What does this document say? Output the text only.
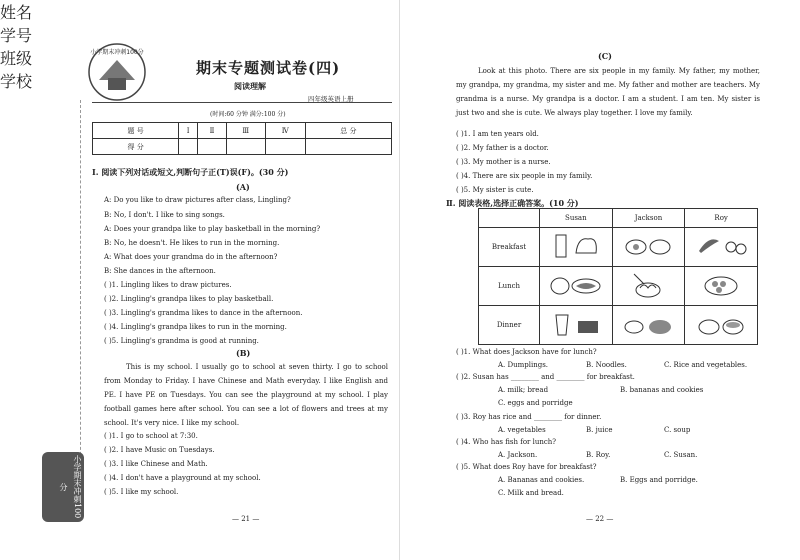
姓名
学号
班级
学校
小学期末冲刺100分
小学期末冲刺100分
期末专题测试卷(四)
阅读理解
四年级英语上册
(时间:60 分钟 满分:100 分)
题 号	Ⅰ	Ⅱ	Ⅲ	Ⅳ	总 分
得 分					
Ⅰ. 阅读下列对话或短文,判断句子正(T)误(F)。(30 分)
(A)
A: Do you like to draw pictures after class, Lingling?
B: No, I don't. I like to sing songs.
A: Does your grandpa like to play basketball in the morning?
B: No, he doesn't. He likes to run in the morning.
A: What does your grandma do in the afternoon?
B: She dances in the afternoon.
( )1. Lingling likes to draw pictures.
( )2. Lingling's grandpa likes to play basketball.
( )3. Lingling's grandma likes to dance in the afternoon.
( )4. Lingling's grandpa likes to run in the morning.
( )5. Lingling's grandma is good at running.
(B)
This is my school. I usually go to school at seven thirty. I go to school from Monday to Friday. I have Chinese and Math everyday. I like English and PE. I have PE on Tuesdays. You can see the playground at my school. I play football games here after school. You can see a lot of flowers and trees at my school. It's very nice. I like my school.
( )1. I go to school at 7:30.
( )2. I have Music on Tuesdays.
( )3. I like Chinese and Math.
( )4. I don't have a playground at my school.
( )5. I like my school.
— 21 —
(C)
Look at this photo. There are six people in my family. My father, my mother, my grandpa, my grandma, my sister and me. My father and mother are teachers. My grandma is a nurse. My grandpa is a doctor. I am a student. I am ten. My sister is just two and she is cute. We always play together. I love my family.
( )1. I am ten years old.
( )2. My father is a doctor.
( )3. My mother is a nurse.
( )4. There are six people in my family.
( )5. My sister is cute.
Ⅱ. 阅读表格,选择正确答案。(10 分)
	Susan	Jackson	Roy
Breakfast			
Lunch			
Dinner			
( )1. What does Jackson have for lunch?
A. Dumplings.	B. Noodles.	C. Rice and vegetables.
( )2. Susan has ________ and ________ for breakfast.
A. milk; bread	B. bananas and cookies
C. eggs and porridge
( )3. Roy has rice and ________ for dinner.
A. vegetables	B. juice	C. soup
( )4. Who has fish for lunch?
A. Jackson.	B. Roy.	C. Susan.
( )5. What does Roy have for breakfast?
A. Bananas and cookies.	B. Eggs and porridge.
C. Milk and bread.
— 22 —
